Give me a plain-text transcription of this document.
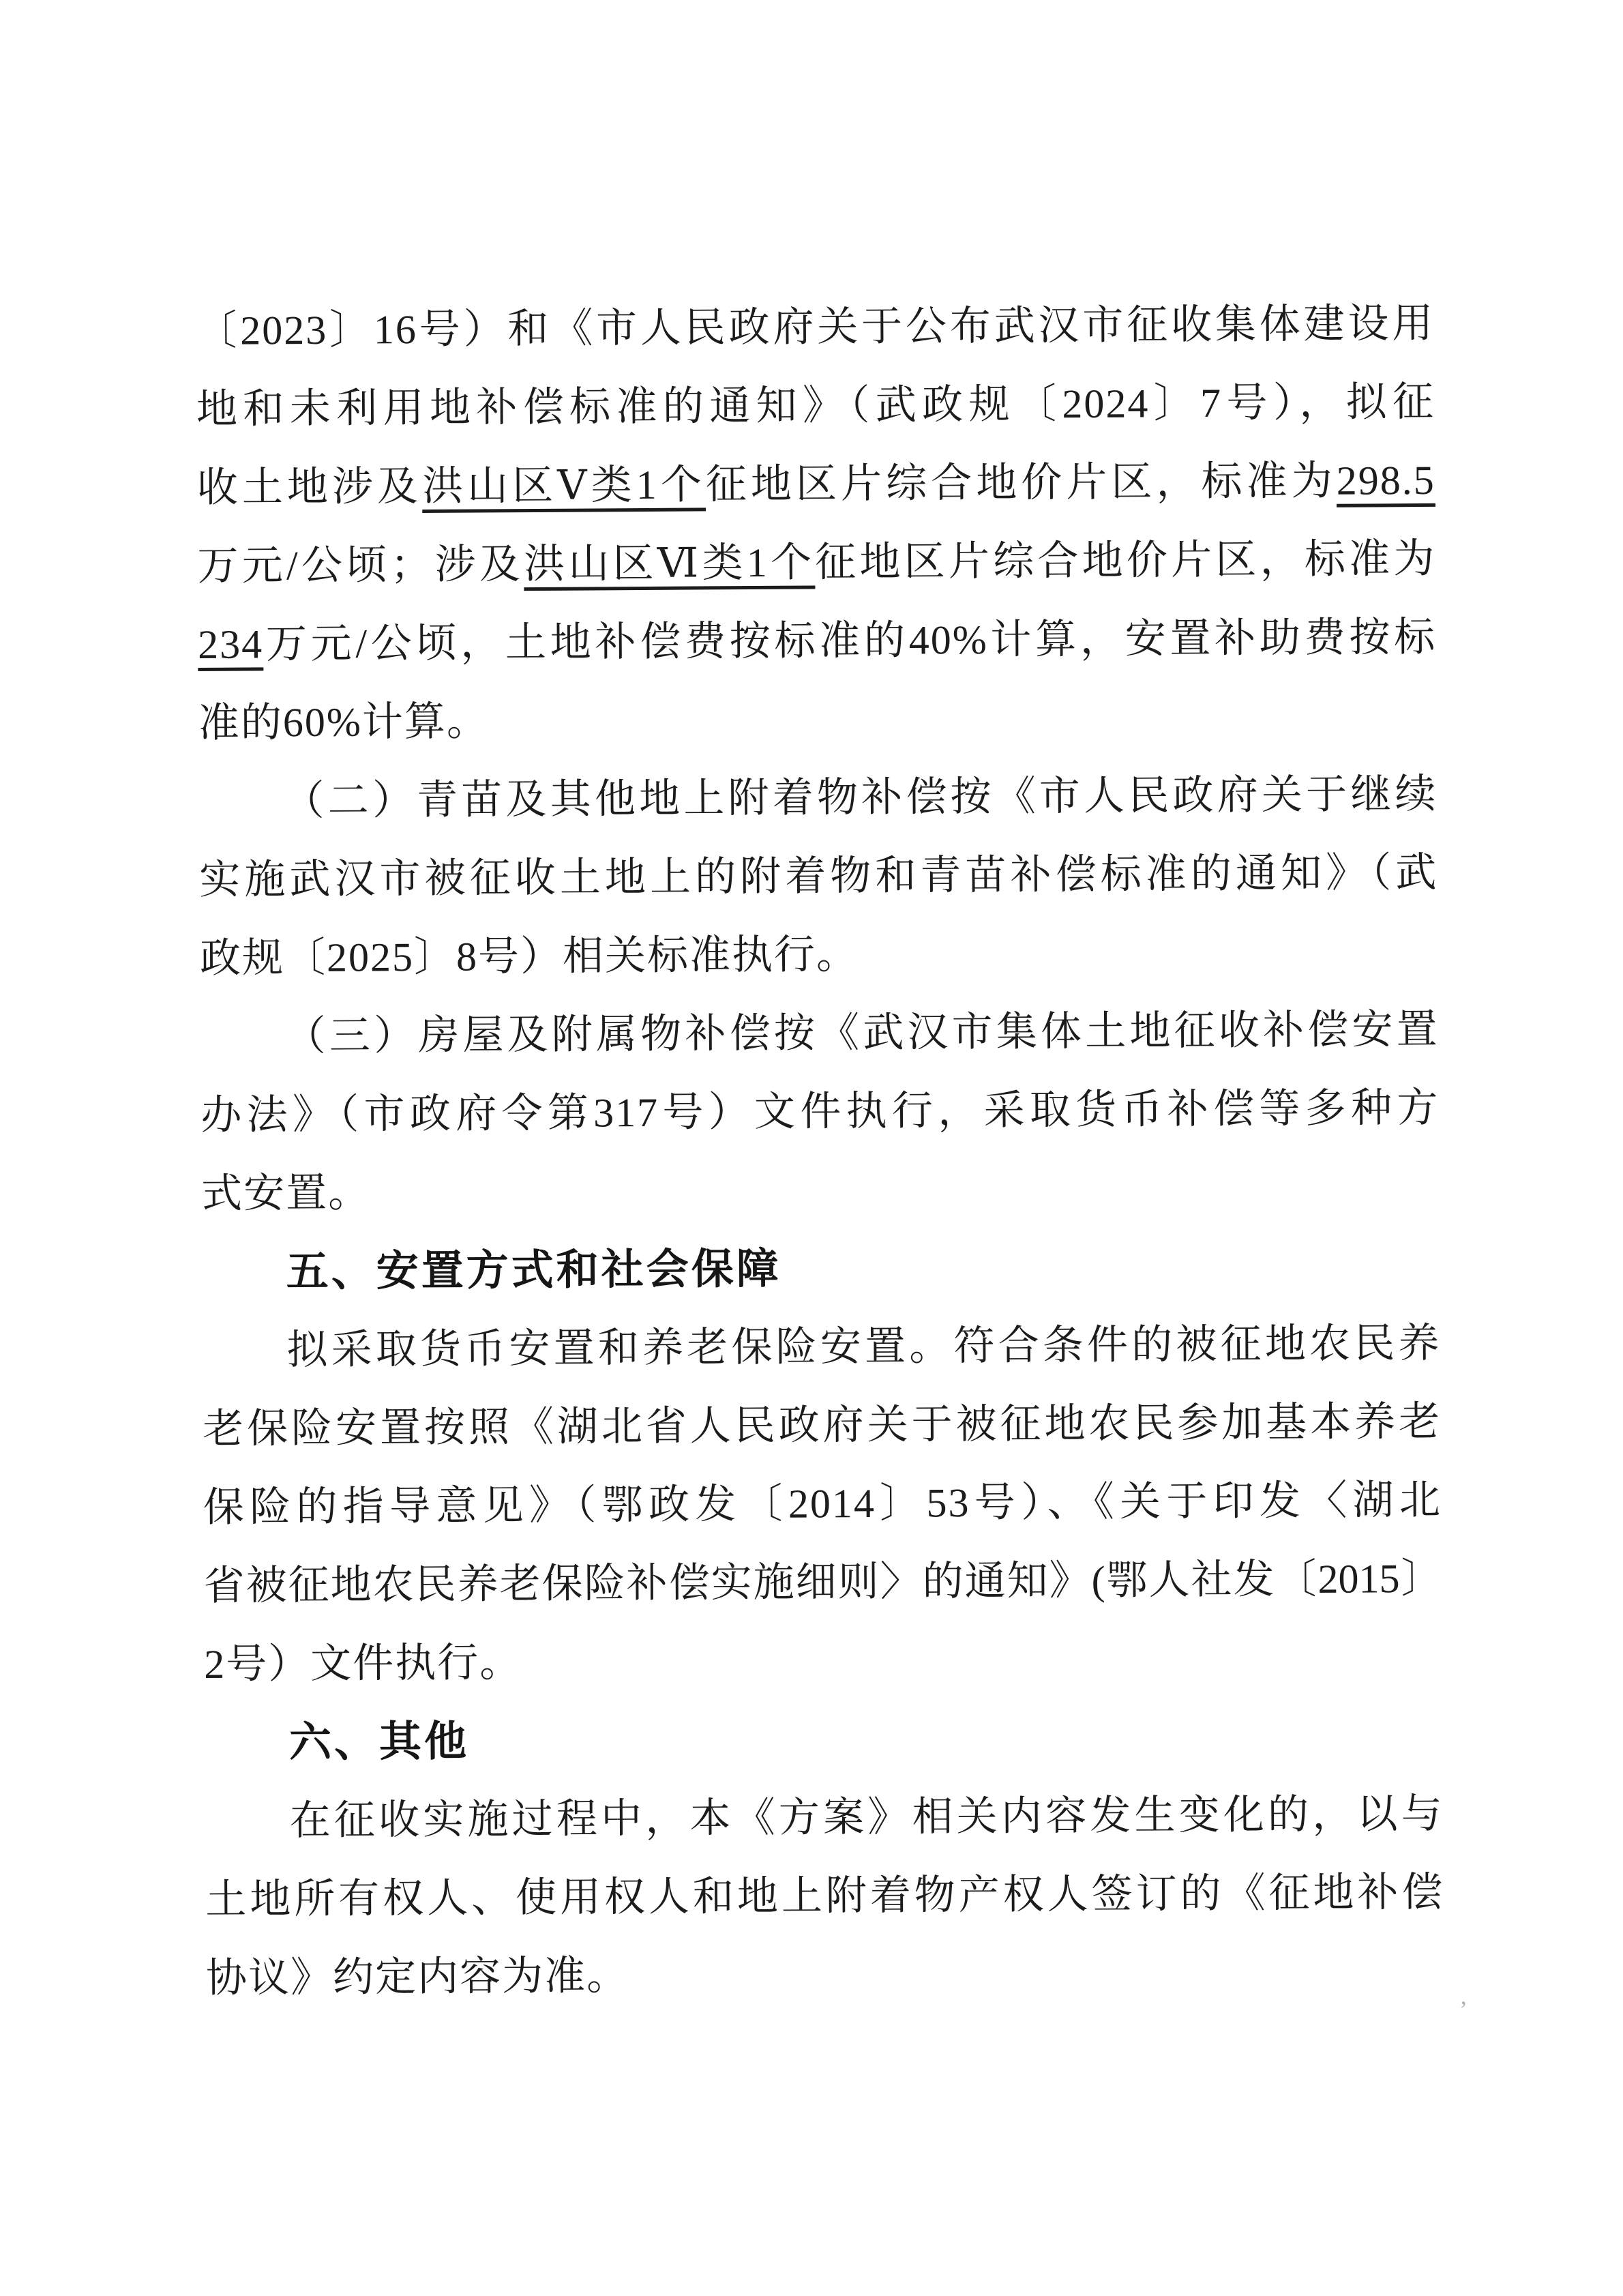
〔2023〕16号）和《市人民政府关于公布武汉市征收集体建设用
地和未利用地补偿标准的通知》（武政规〔2024〕7号），拟征
收土地涉及洪山区Ⅴ类1个征地区片综合地价片区，标准为298.5
万元/公顷；涉及洪山区Ⅵ类1个征地区片综合地价片区，标准为
234万元/公顷，土地补偿费按标准的40%计算，安置补助费按标
准的60%计算。
（二）青苗及其他地上附着物补偿按《市人民政府关于继续
实施武汉市被征收土地上的附着物和青苗补偿标准的通知》（武
政规〔2025〕8号）相关标准执行。
（三）房屋及附属物补偿按《武汉市集体土地征收补偿安置
办法》（市政府令第317号）文件执行，采取货币补偿等多种方
式安置。
五、安置方式和社会保障
拟采取货币安置和养老保险安置。符合条件的被征地农民养
老保险安置按照《湖北省人民政府关于被征地农民参加基本养老
保险的指导意见》（鄂政发〔2014〕53号）、《关于印发〈湖北
省被征地农民养老保险补偿实施细则〉的通知》(鄂人社发〔2015〕
2号）文件执行。
六、其他
在征收实施过程中，本《方案》相关内容发生变化的，以与
土地所有权人、使用权人和地上附着物产权人签订的《征地补偿
协议》约定内容为准。
’
